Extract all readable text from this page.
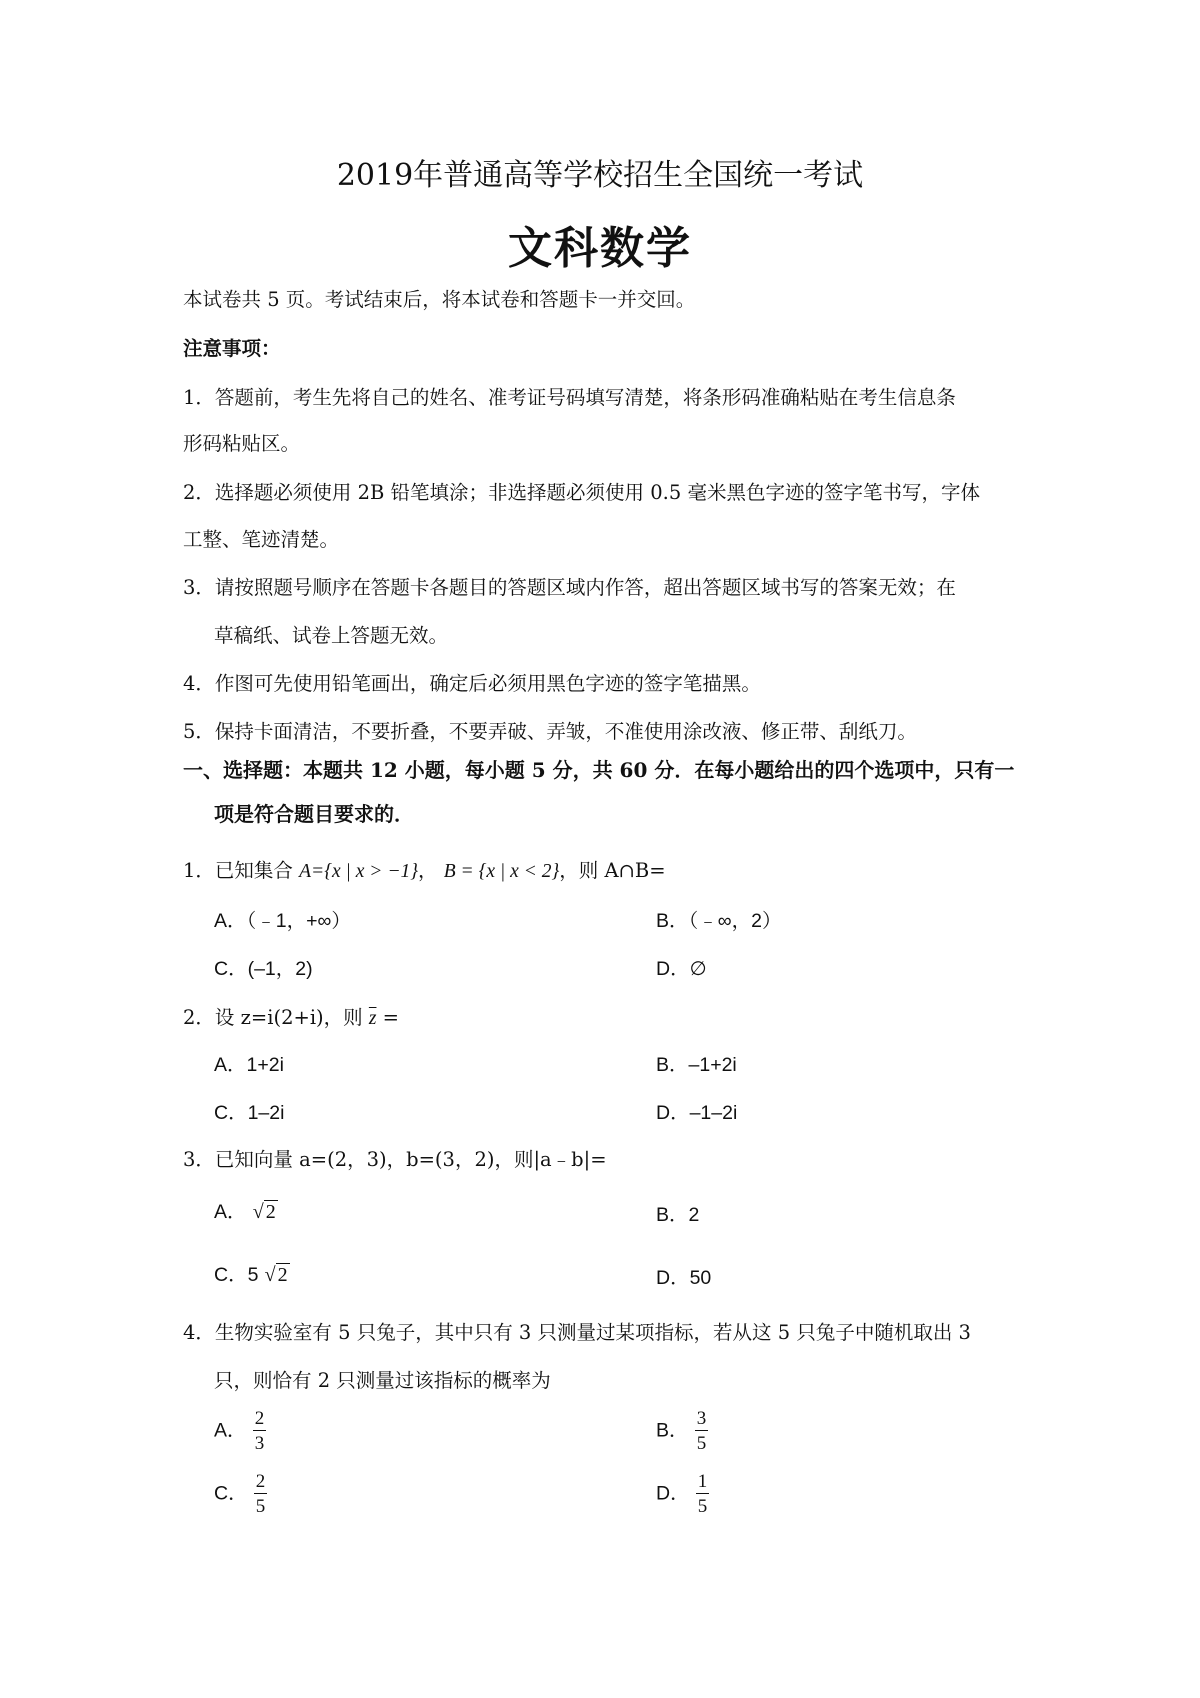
2019年普通高等学校招生全国统一考试
文科数学
本试卷共 5 页。考试结束后，将本试卷和答题卡一并交回。
注意事项：
1．答题前，考生先将自己的姓名、准考证号码填写清楚，将条形码准确粘贴在考生信息条
形码粘贴区。
2．选择题必须使用 2B 铅笔填涂；非选择题必须使用 0.5 毫米黑色字迹的签字笔书写，字体
工整、笔迹清楚。
3．请按照题号顺序在答题卡各题目的答题区域内作答，超出答题区域书写的答案无效；在
草稿纸、试卷上答题无效。
4．作图可先使用铅笔画出，确定后必须用黑色字迹的签字笔描黑。
5．保持卡面清洁，不要折叠，不要弄破、弄皱，不准使用涂改液、修正带、刮纸刀。
一、选择题：本题共 12 小题，每小题 5 分，共 60 分．在每小题给出的四个选项中，只有一
项是符合题目要求的．
1．已知集合 A={x | x > −1}， B = {x | x < 2}，则 A∩B=
A．（﹣1，+∞）	B．（﹣∞，2）
C．(–1，2)	D．∅
2．设 z=i(2+i)，则 $\overline{z}$ =
A．1+2i	B．–1+2i
C．1–2i	D．–1–2i
3．已知向量 a=(2，3)，b=(3，2)，则|a﹣b|=
A． √ 2	B．2
C．5 √ 2	D．50
4．生物实验室有 5 只兔子，其中只有 3 只测量过某项指标，若从这 5 只兔子中随机取出 3
只，则恰有 2 只测量过该指标的概率为
A． $\frac{2}{3}$	B． $\frac{3}{5}$
C． $\frac{2}{5}$	D． $\frac{1}{5}$
